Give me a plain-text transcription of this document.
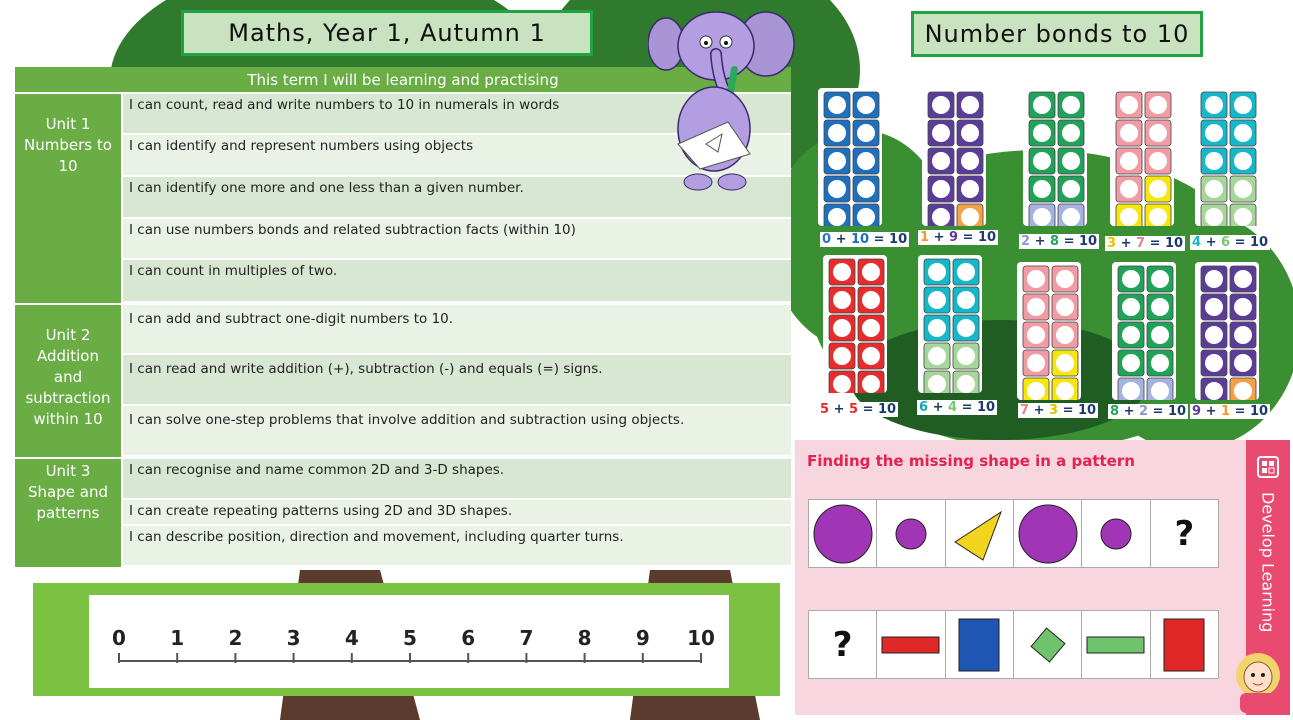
Maths, Year 1, Autumn 1	Number bonds to 10
This term I will be learning and practising
Unit 1 Numbers to 10
I can count, read and write numbers to 10 in numerals in words
I can identify and represent numbers using objects
I can identify one more and one less than a given number.
I can use numbers bonds and related subtraction facts (within 10)
I can count in multiples of two.
Unit 2 Addition and subtraction within 10
I can add and subtract one-digit numbers to 10.
I can read and write addition (+), subtraction (-) and equals (=) signs.
I can solve one-step problems that involve addition and subtraction using objects.
Unit 3 Shape and patterns
I can recognise and name common 2D and 3-D shapes.
I can create repeating patterns using 2D and 3D shapes.
I can describe position, direction and movement, including quarter turns.
0 1 2 3 4 5 6 7 8 9 10
0 + 10 = 10 1 + 9 = 10 2 + 8 = 10 3 + 7 = 10 4 + 6 = 10
5 + 5 = 10 6 + 4 = 10 7 + 3 = 10 8 + 2 = 10 9 + 1 = 10
Finding the missing shape in a pattern
?
?
Develop Learning
